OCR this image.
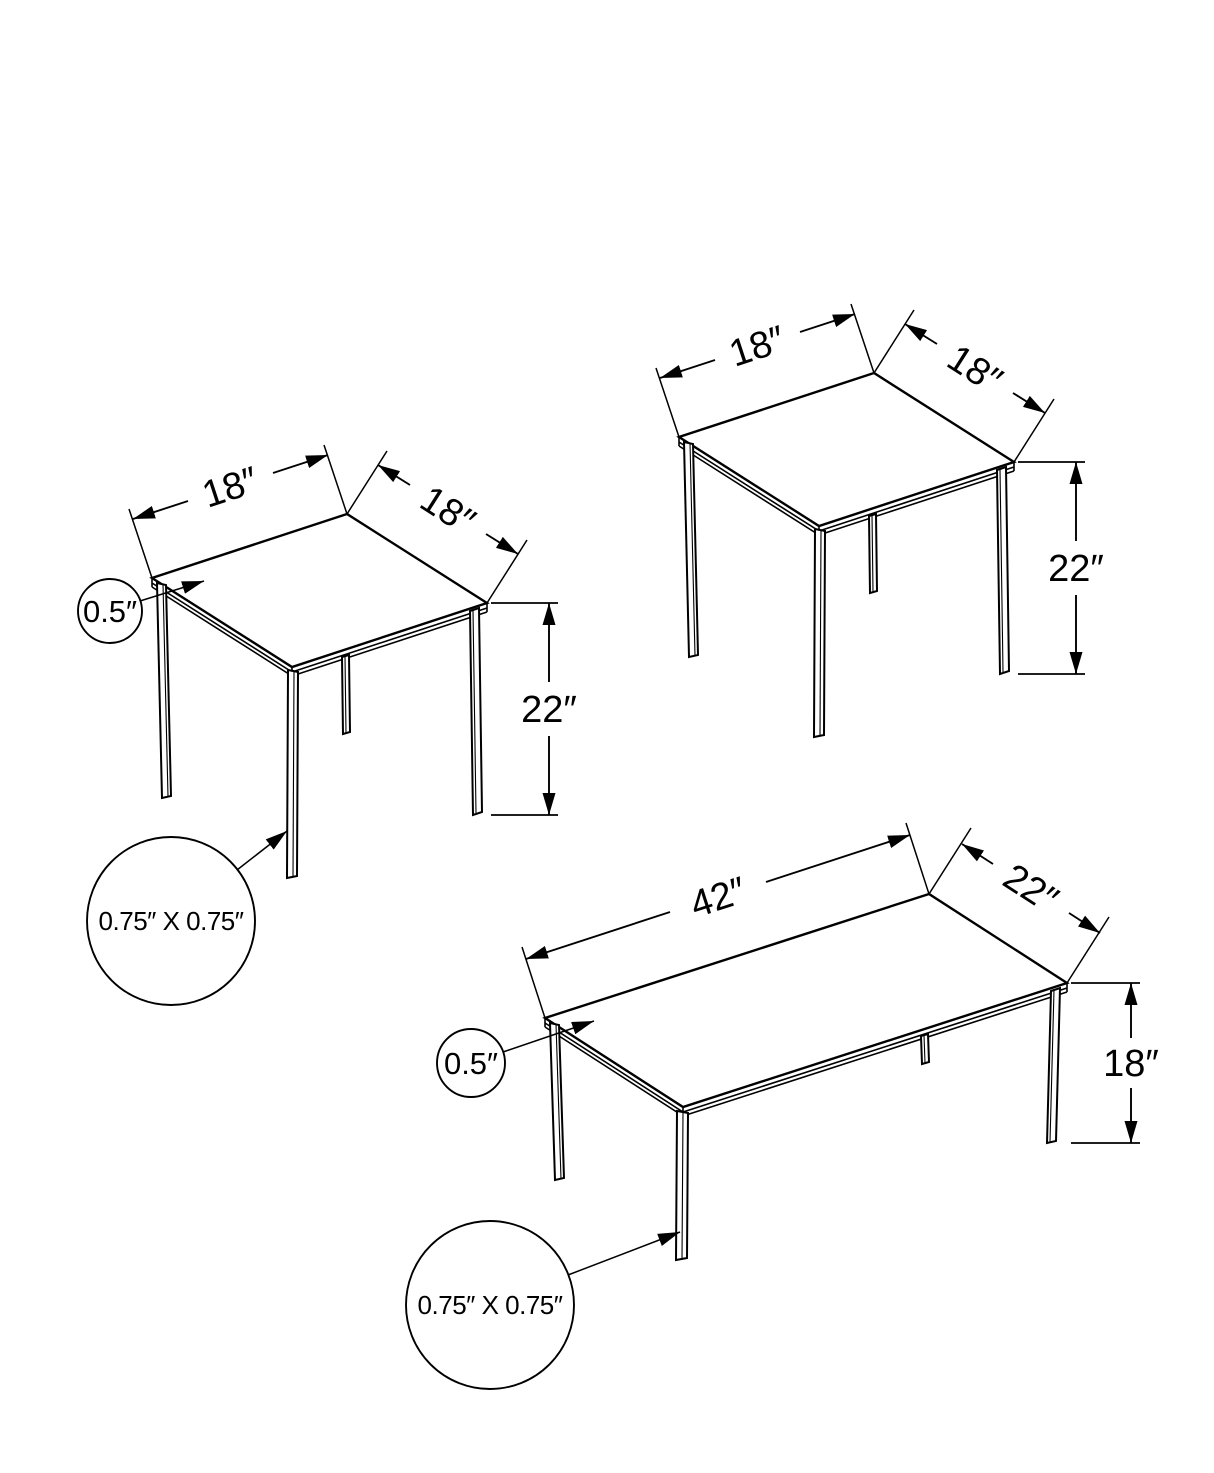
18″	18″
22″
0.5″
0.75″ X 0.75″
18″	18″
22″
42″	22″
18″
0.5″
0.75″ X 0.75″
